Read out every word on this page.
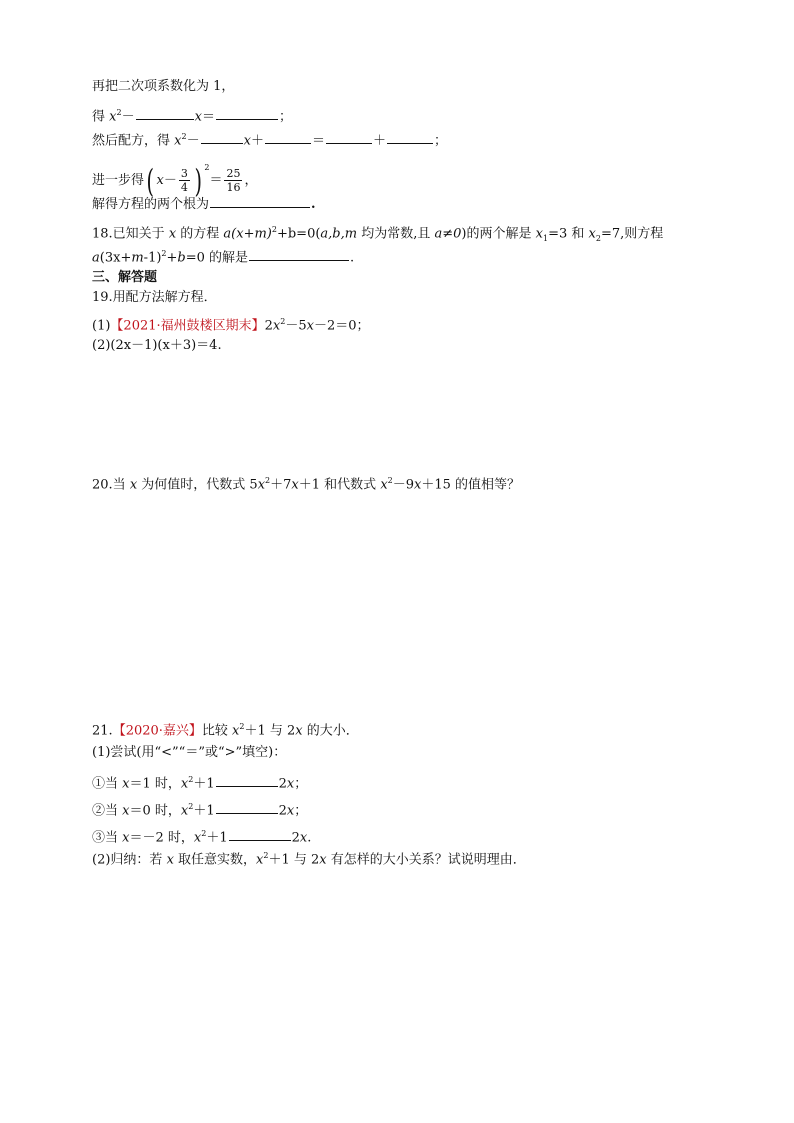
再把二次项系数化为 1，
得 $x^2-$	x＝	；
然后配方，得 $x^2-$	x＋	＝	＋	；
进一步得( $x- \frac{3}{4}$ ) $^2= \frac{25}{16}$ ，
解得方程的两个根为	.
18.已知关于 x 的方程 $a(x+m)^2+b=0(a,b,m$ 均为常数,且 a≠0)的两个解是 $x_1=3$ 和 $x_2=7$,则方程
$a(3x+m-1)^2+b=0$ 的解是	.
三、解答题
19.用配方法解方程．
(1)【2021·福州鼓楼区期末】$2x^2-5x-2=0$；
(2)(2x－1)(x＋3)＝4.
20.当 x 为何值时，代数式 $5x^2+7x+1$ 和代数式 $x^2-9x+15$ 的值相等？
21.【2020·嘉兴】比较 $x^2+1$ 与 2x 的大小．
(1)尝试(用“<”“＝”或“>”填空)：
①当 x＝1 时，$x^2+1$	2x；
②当 x＝0 时，$x^2+1$	2x；
③当 x＝－2 时，$x^2+1$	2x.
(2)归纳：若 x 取任意实数，$x^2+1$ 与 2x 有怎样的大小关系？试说明理由．
